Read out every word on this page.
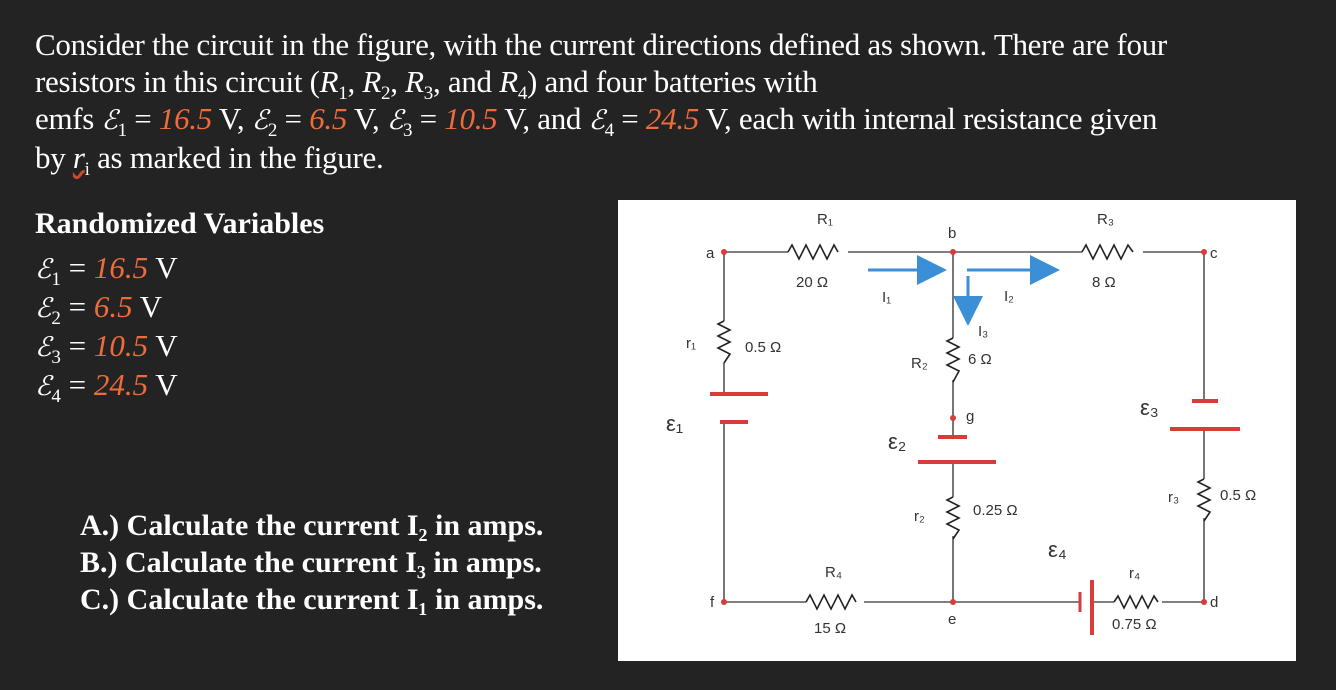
Consider the circuit in the figure, with the current directions defined as shown. There are four
resistors in this circuit ($R_1$, $R_2$, $R_3$, and $R_4$) and four batteries with
emfs ℰ$_1$ = 16.5 V, ℰ$_2$ = 6.5 V, ℰ$_3$ = 10.5 V, and ℰ$_4$ = 24.5 V, each with internal resistance given
by $r_i$ as marked in the figure.
Randomized Variables
ℰ$_1$ = 16.5 V
ℰ$_2$ = 6.5 V
ℰ$_3$ = 10.5 V
ℰ$_4$ = 24.5 V
A.) Calculate the current I₂ in amps.
B.) Calculate the current I₃ in amps.
C.) Calculate the current I₁ in amps.
a
b
c
d
e
f
g
R₁
20 Ω
R₃
8 Ω
R₂	6 Ω
R₄
15 Ω
r₁	0.5 Ω
r₂	0.25 Ω
r₃	0.5 Ω
r₄
0.75 Ω
I₁	I₂
I₃
ε₁
ε₂
ε₃
ε₄
